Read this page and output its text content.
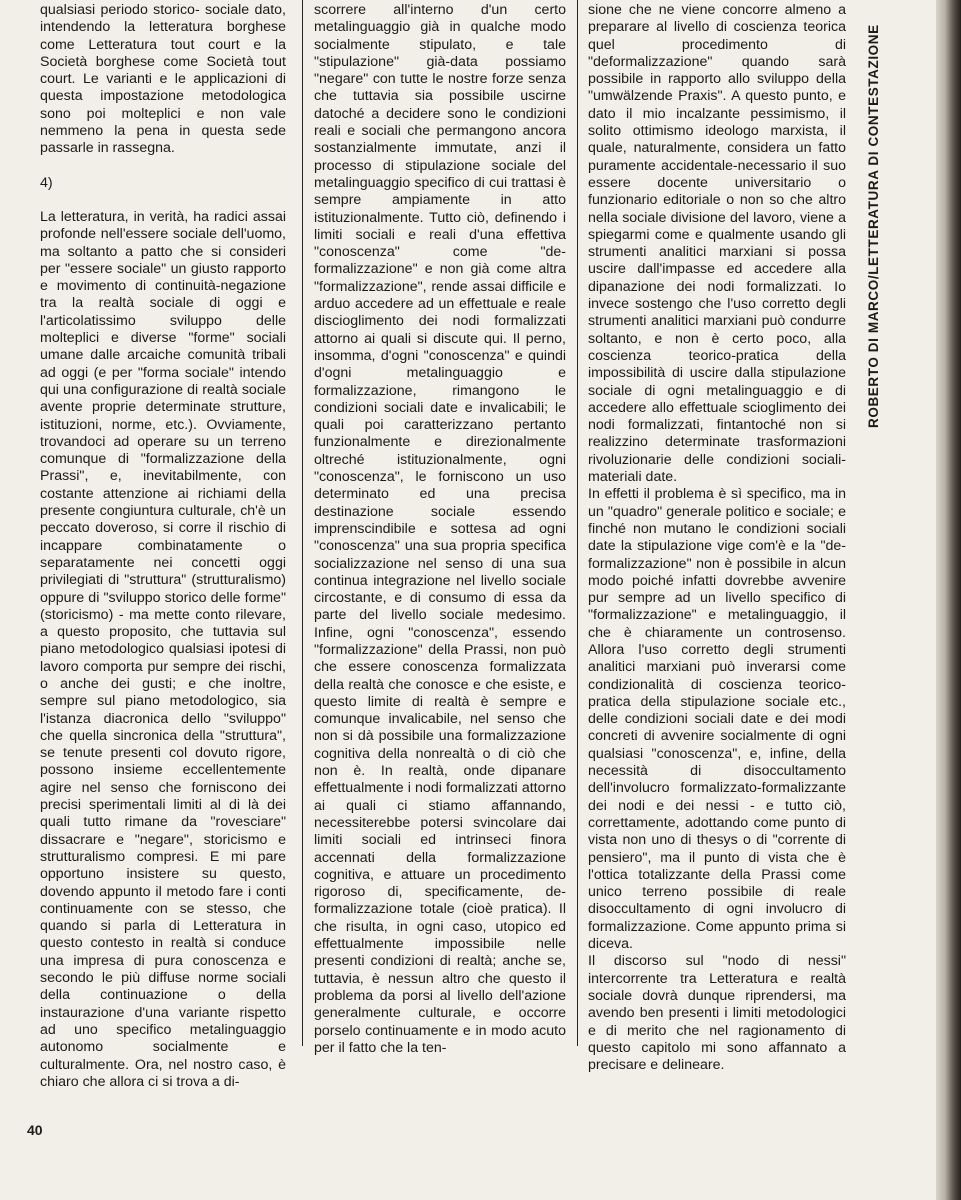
qualsiasi periodo storico- sociale dato, intendendo la letteratura borghese come Letteratura tout court e la Società borghese come Società tout court. Le varianti e le applicazioni di questa impostazione metodologica sono poi molteplici e non vale nemmeno la pena in questa sede passarle in rassegna.

4)

La letteratura, in verità, ha radici assai profonde nell'essere sociale dell'uomo, ma soltanto a patto che si consideri per "essere sociale" un giusto rapporto e movimento di continuità-negazione tra la realtà sociale di oggi e l'articolatissimo sviluppo delle molteplici e diverse "forme" sociali umane dalle arcaiche comunità tribali ad oggi (e per "forma sociale" intendo qui una configurazione di realtà sociale avente proprie determinate strutture, istituzioni, norme, etc.). Ovviamente, trovandoci ad operare su un terreno comunque di "formalizzazione della Prassi", e, inevitabilmente, con costante attenzione ai richiami della presente congiuntura culturale, ch'è un peccato doveroso, si corre il rischio di incappare combinatamente o separatamente nei concetti oggi privilegiati di "struttura" (strutturalismo) oppure di "sviluppo storico delle forme" (storicismo) - ma mette conto rilevare, a questo proposito, che tuttavia sul piano metodologico qualsiasi ipotesi di lavoro comporta pur sempre dei rischi, o anche dei gusti; e che inoltre, sempre sul piano metodologico, sia l'istanza diacronica dello "sviluppo" che quella sincronica della "struttura", se tenute presenti col dovuto rigore, possono insieme eccellentemente agire nel senso che forniscono dei precisi sperimentali limiti al di là dei quali tutto rimane da "rovesciare" dissacrare e "negare", storicismo e strutturalismo compresi. E mi pare opportuno insistere su questo, dovendo appunto il metodo fare i conti continuamente con se stesso, che quando si parla di Letteratura in questo contesto in realtà si conduce una impresa di pura conoscenza e secondo le più diffuse norme sociali della continuazione o della instaurazione d'una variante rispetto ad uno specifico metalinguaggio autonomo socialmente e culturalmente. Ora, nel nostro caso, è chiaro che allora ci si trova a di-

scorrere all'interno d'un certo metalinguaggio già in qualche modo socialmente stipulato, e tale "stipulazione" già-data possiamo "negare" con tutte le nostre forze senza che tuttavia sia possibile uscirne datoché a decidere sono le condizioni reali e sociali che permangono ancora sostanzialmente immutate, anzi il processo di stipulazione sociale del metalinguaggio specifico di cui trattasi è sempre ampiamente in atto istituzionalmente. Tutto ciò, definendo i limiti sociali e reali d'una effettiva "conoscenza" come "de-formalizzazione" e non già come altra "formalizzazione", rende assai difficile e arduo accedere ad un effettuale e reale discioglimento dei nodi formalizzati attorno ai quali si discute qui. Il perno, insomma, d'ogni "conoscenza" e quindi d'ogni metalinguaggio e formalizzazione, rimangono le condizioni sociali date e invalicabili; le quali poi caratterizzano pertanto funzionalmente e direzionalmente oltreché istituzionalmente, ogni "conoscenza", le forniscono un uso determinato ed una precisa destinazione sociale essendo imprenscindibile e sottesa ad ogni "conoscenza" una sua propria specifica socializzazione nel senso di una sua continua integrazione nel livello sociale circostante, e di consumo di essa da parte del livello sociale medesimo. Infine, ogni "conoscenza", essendo "formalizzazione" della Prassi, non può che essere conoscenza formalizzata della realtà che conosce e che esiste, e questo limite di realtà è sempre e comunque invalicabile, nel senso che non si dà possibile una formalizzazione cognitiva della nonrealtà o di ciò che non è. In realtà, onde dipanare effettualmente i nodi formalizzati attorno ai quali ci stiamo affannando, necessiterebbe potersi svincolare dai limiti sociali ed intrinseci finora accennati della formalizzazione cognitiva, e attuare un procedimento rigoroso di, specificamente, de-formalizzazione totale (cioè pratica). Il che risulta, in ogni caso, utopico ed effettualmente impossibile nelle presenti condizioni di realtà; anche se, tuttavia, è nessun altro che questo il problema da porsi al livello dell'azione generalmente culturale, e occorre porselo continuamente e in modo acuto per il fatto che la ten-

sione che ne viene concorre almeno a preparare al livello di coscienza teorica quel procedimento di "deformalizzazione" quando sarà possibile in rapporto allo sviluppo della "umwälzende Praxis". A questo punto, e dato il mio incalzante pessimismo, il solito ottimismo ideologo marxista, il quale, naturalmente, considera un fatto puramente accidentale-necessario il suo essere docente universitario o funzionario editoriale o non so che altro nella sociale divisione del lavoro, viene a spiegarmi come e qualmente usando gli strumenti analitici marxiani si possa uscire dall'impasse ed accedere alla dipanazione dei nodi formalizzati. Io invece sostengo che l'uso corretto degli strumenti analitici marxiani può condurre soltanto, e non è certo poco, alla coscienza teorico-pratica della impossibilità di uscire dalla stipulazione sociale di ogni metalinguaggio e di accedere allo effettuale scioglimento dei nodi formalizzati, fintantoché non si realizzino determinate trasformazioni rivoluzionarie delle condizioni sociali-materiali date.

In effetti il problema è sì specifico, ma in un "quadro" generale politico e sociale; e finché non mutano le condizioni sociali date la stipulazione vige com'è e la "de-formalizzazione" non è possibile in alcun modo poiché infatti dovrebbe avvenire pur sempre ad un livello specifico di "formalizzazione" e metalinguaggio, il che è chiaramente un controsenso. Allora l'uso corretto degli strumenti analitici marxiani può inverarsi come condizionalità di coscienza teorico-pratica della stipulazione sociale etc., delle condizioni sociali date e dei modi concreti di avvenire socialmente di ogni qualsiasi "conoscenza", e, infine, della necessità di disoccultamento dell'involucro formalizzato-formalizzante dei nodi e dei nessi - e tutto ciò, correttamente, adottando come punto di vista non uno di thesys o di "corrente di pensiero", ma il punto di vista che è l'ottica totalizzante della Prassi come unico terreno possibile di reale disoccultamento di ogni involucro di formalizzazione. Come appunto prima si diceva.

Il discorso sul "nodo di nessi" intercorrente tra Letteratura e realtà sociale dovrà dunque riprendersi, ma avendo ben presenti i limiti metodologici e di merito che nel ragionamento di questo capitolo mi sono affannato a precisare e delineare.

ROBERTO DI MARCO/LETTERATURA DI CONTESTAZIONE
40
